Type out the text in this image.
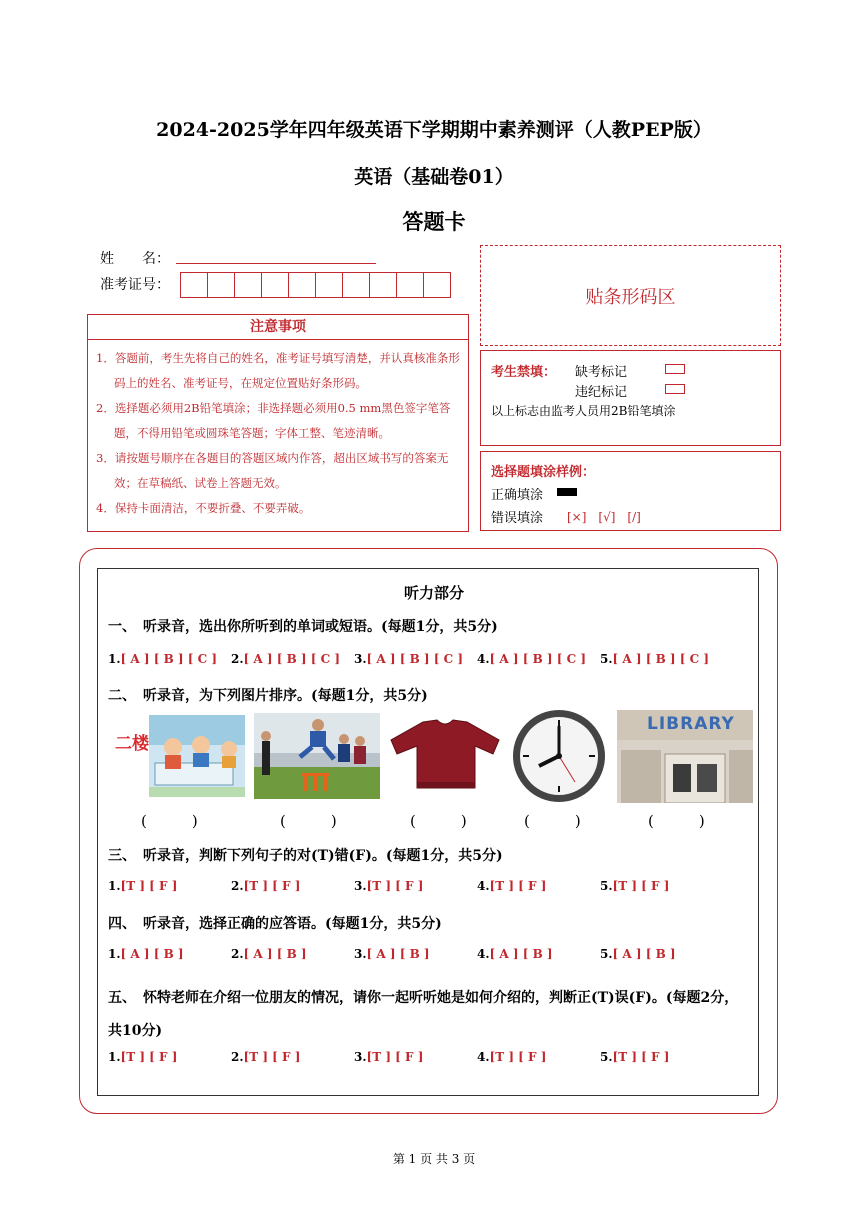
2024-2025学年四年级英语下学期期中素养测评（人教PEP版）
英语（基础卷01）
答题卡
姓　　名：
准考证号：
贴条形码区
注意事项
1．答题前，考生先将自己的姓名，准考证号填写清楚，并认真核准条形码上的姓名、准考证号，在规定位置贴好条形码。
2．选择题必须用2B铅笔填涂；非选择题必须用0.5 mm黑色签字笔答题，不得用铅笔或圆珠笔答题；字体工整、笔迹清晰。
3．请按题号顺序在各题目的答题区域内作答，超出区域书写的答案无效；在草稿纸、试卷上答题无效。
4．保持卡面清洁，不要折叠、不要弄破。
考生禁填： 缺考标记
违纪标记
以上标志由监考人员用2B铅笔填涂
选择题填涂样例：
正确填涂
错误填涂 [×]　[√]　[/]
听力部分
一、　听录音，选出你所听到的单词或短语。(每题1分，共5分)
1.[ A ] [ B ] [ C ]	2.[ A ] [ B ] [ C ]	3.[ A ] [ B ] [ C ]	4.[ A ] [ B ] [ C ]	5.[ A ] [ B ] [ C ]
二、　听录音，为下列图片排序。(每题1分，共5分)
二楼
LIBRARY
(　　　)	(　　　)	(　　　)	(　　　)	(　　　)
三、　听录音，判断下列句子的对(T)错(F)。(每题1分，共5分)
1.[T ] [ F ]	2.[T ] [ F ]	3.[T ] [ F ]	4.[T ] [ F ]	5.[T ] [ F ]
四、　听录音，选择正确的应答语。(每题1分，共5分)
1.[ A ] [ B ]	2.[ A ] [ B ]	3.[ A ] [ B ]	4.[ A ] [ B ]	5.[ A ] [ B ]
五、　怀特老师在介绍一位朋友的情况，请你一起听听她是如何介绍的，判断正(T)误(F)。(每题2分，共10分)
1.[T ] [ F ]	2.[T ] [ F ]	3.[T ] [ F ]	4.[T ] [ F ]	5.[T ] [ F ]
第 1 页 共 3 页
